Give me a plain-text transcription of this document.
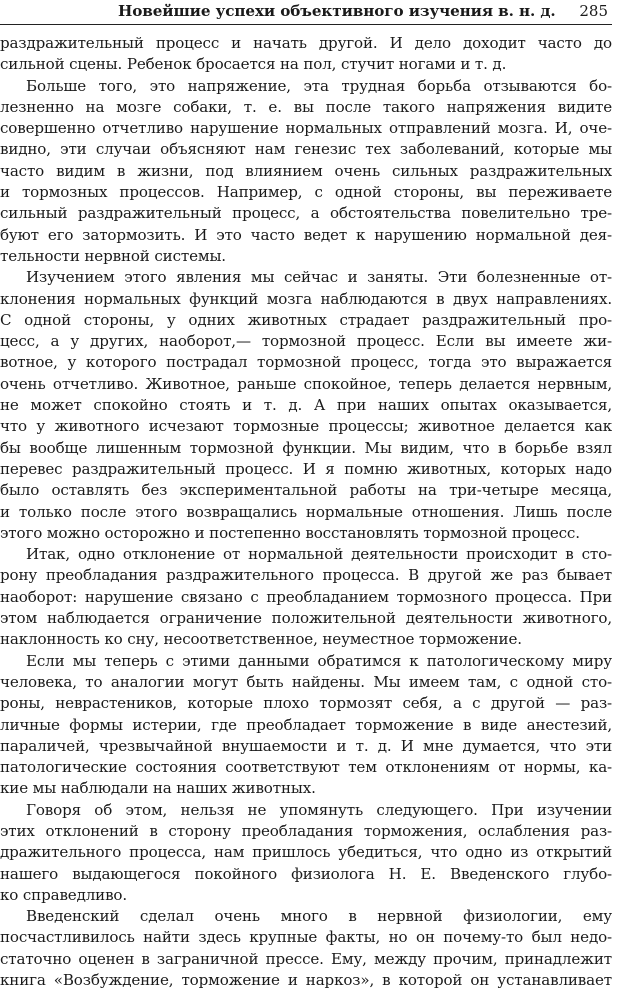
Новейшие успехи объективного изучения в. н. д. 285
раздражительный процесс и начать другой. И дело доходит часто до
сильной сцены. Ребенок бросается на пол, стучит ногами и т. д.
Больше того, это напряжение, эта трудная борьба отзываются бо-
лезненно на мозге собаки, т. е. вы после такого напряжения видите
совершенно отчетливо нарушение нормальных отправлений мозга. И, оче-
видно, эти случаи объясняют нам генезис тех заболеваний, которые мы
часто видим в жизни, под влиянием очень сильных раздражительных
и тормозных процессов. Например, с одной стороны, вы переживаете
сильный раздражительный процесс, а обстоятельства повелительно тре-
буют его затормозить. И это часто ведет к нарушению нормальной дея-
тельности нервной системы.
Изучением этого явления мы сейчас и заняты. Эти болезненные от-
клонения нормальных функций мозга наблюдаются в двух направлениях.
С одной стороны, у одних животных страдает раздражительный про-
цесс, а у других, наоборот,— тормозной процесс. Если вы имеете жи-
вотное, у которого пострадал тормозной процесс, тогда это выражается
очень отчетливо. Животное, раньше спокойное, теперь делается нервным,
не может спокойно стоять и т. д. А при наших опытах оказывается,
что у животного исчезают тормозные процессы; животное делается как
бы вообще лишенным тормозной функции. Мы видим, что в борьбе взял
перевес раздражительный процесс. И я помню животных, которых надо
было оставлять без экспериментальной работы на три-четыре месяца,
и только после этого возвращались нормальные отношения. Лишь после
этого можно осторожно и постепенно восстановлять тормозной процесс.
Итак, одно отклонение от нормальной деятельности происходит в сто-
рону преобладания раздражительного процесса. В другой же раз бывает
наоборот: нарушение связано с преобладанием тормозного процесса. При
этом наблюдается ограничение положительной деятельности животного,
наклонность ко сну, несоответственное, неуместное торможение.
Если мы теперь с этими данными обратимся к патологическому миру
человека, то аналогии могут быть найдены. Мы имеем там, с одной сто-
роны, неврастеников, которые плохо тормозят себя, а с другой — раз-
личные формы истерии, где преобладает торможение в виде анестезий,
параличей, чрезвычайной внушаемости и т. д. И мне думается, что эти
патологические состояния соответствуют тем отклонениям от нормы, ка-
кие мы наблюдали на наших животных.
Говоря об этом, нельзя не упомянуть следующего. При изучении
этих отклонений в сторону преобладания торможения, ослабления раз-
дражительного процесса, нам пришлось убедиться, что одно из открытий
нашего выдающегося покойного физиолога Н. Е. Введенского глубо-
ко справедливо.
Введенский сделал очень много в нервной физиологии, ему
посчастливилось найти здесь крупные факты, но он почему-то был недо-
статочно оценен в заграничной прессе. Ему, между прочим, принадлежит
книга «Возбуждение, торможение и наркоз», в которой он устанавливает
